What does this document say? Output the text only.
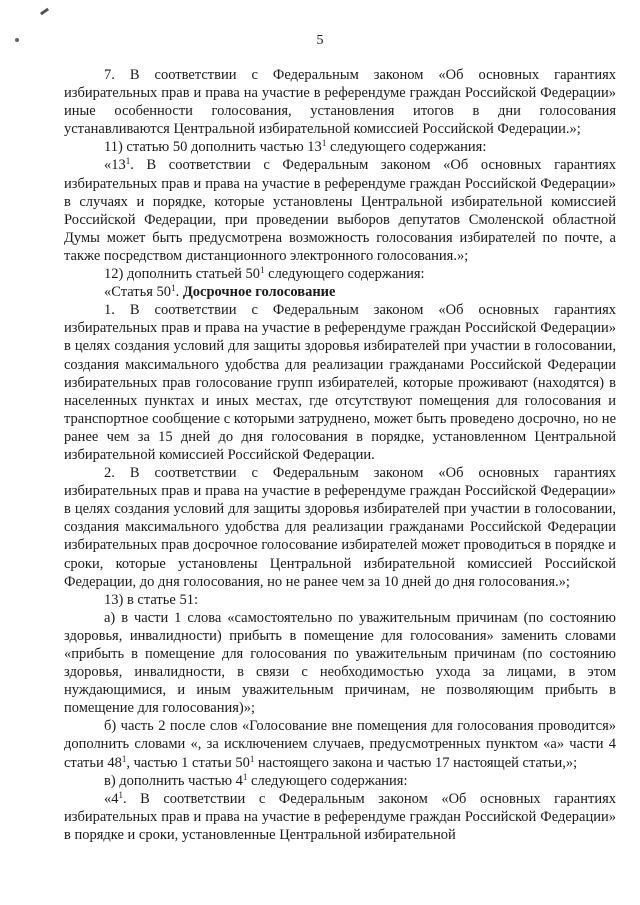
5

7. В соответствии с Федеральным законом «Об основных гарантиях избирательных прав и права на участие в референдуме граждан Российской Федерации» иные особенности голосования, установления итогов в дни голосования устанавливаются Центральной избирательной комиссией Российской Федерации.»;

11) статью 50 дополнить частью $13^1$ следующего содержания:

«$13^1$. В соответствии с Федеральным законом «Об основных гарантиях избирательных прав и права на участие в референдуме граждан Российской Федерации» в случаях и порядке, которые установлены Центральной избирательной комиссией Российской Федерации, при проведении выборов депутатов Смоленской областной Думы может быть предусмотрена возможность голосования избирателей по почте, а также посредством дистанционного электронного голосования.»;

12) дополнить статьей $50^1$ следующего содержания:

«Статья $50^1$. Досрочное голосование

1. В соответствии с Федеральным законом «Об основных гарантиях избирательных прав и права на участие в референдуме граждан Российской Федерации» в целях создания условий для защиты здоровья избирателей при участии в голосовании, создания максимального удобства для реализации гражданами Российской Федерации избирательных прав голосование групп избирателей, которые проживают (находятся) в населенных пунктах и иных местах, где отсутствуют помещения для голосования и транспортное сообщение с которыми затруднено, может быть проведено досрочно, но не ранее чем за 15 дней до дня голосования в порядке, установленном Центральной избирательной комиссией Российской Федерации.

2. В соответствии с Федеральным законом «Об основных гарантиях избирательных прав и права на участие в референдуме граждан Российской Федерации» в целях создания условий для защиты здоровья избирателей при участии в голосовании, создания максимального удобства для реализации гражданами Российской Федерации избирательных прав досрочное голосование избирателей может проводиться в порядке и сроки, которые установлены Центральной избирательной комиссией Российской Федерации, до дня голосования, но не ранее чем за 10 дней до дня голосования.»;

13) в статье 51:

а) в части 1 слова «самостоятельно по уважительным причинам (по состоянию здоровья, инвалидности) прибыть в помещение для голосования» заменить словами «прибыть в помещение для голосования по уважительным причинам (по состоянию здоровья, инвалидности, в связи с необходимостью ухода за лицами, в этом нуждающимися, и иным уважительным причинам, не позволяющим прибыть в помещение для голосования)»;

б) часть 2 после слов «Голосование вне помещения для голосования проводится» дополнить словами «, за исключением случаев, предусмотренных пунктом «а» части 4 статьи $48^1$, частью 1 статьи $50^1$ настоящего закона и частью 17 настоящей статьи,»;

в) дополнить частью $4^1$ следующего содержания:

«$4^1$. В соответствии с Федеральным законом «Об основных гарантиях избирательных прав и права на участие в референдуме граждан Российской Федерации» в порядке и сроки, установленные Центральной избирательной
